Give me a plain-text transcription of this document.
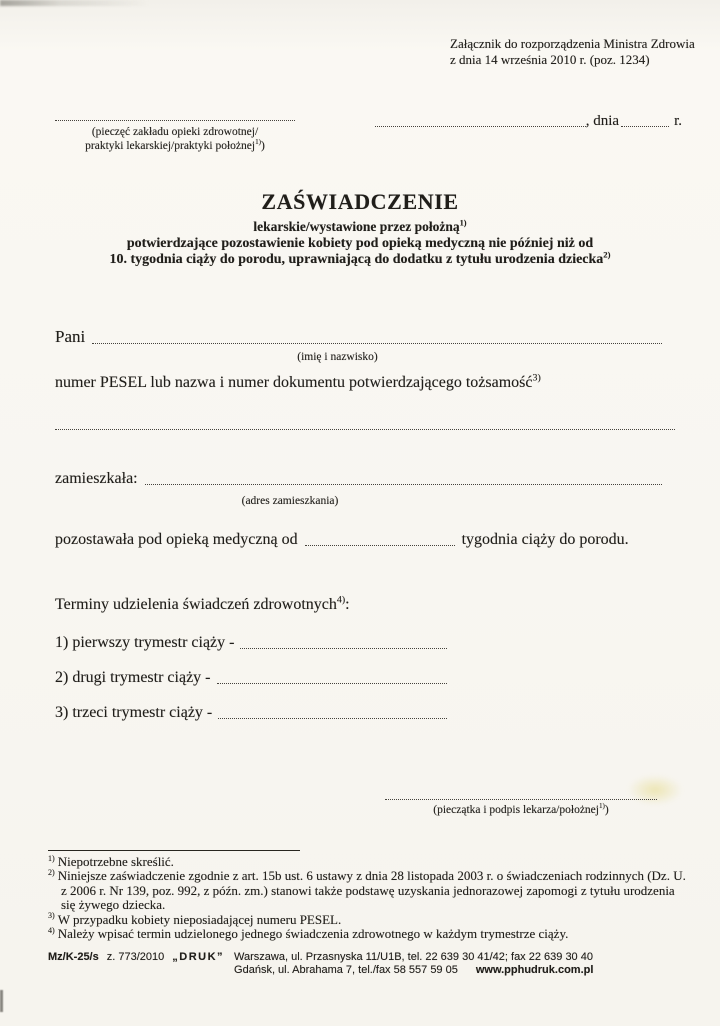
Załącznik do rozporządzenia Ministra Zdrowia
z dnia 14 września 2010 r. (poz. 1234)
(pieczęć zakładu opieki zdrowotnej/
praktyki lekarskiej/praktyki położnej$^{1)}$)
, dnia	r.
ZAŚWIADCZENIE
lekarskie/wystawione przez położną$^{1)}$
potwierdzające pozostawienie kobiety pod opieką medyczną nie później niż od
10. tygodnia ciąży do porodu, uprawniającą do dodatku z tytułu urodzenia dziecka$^{2)}$
Pani
(imię i nazwisko)
numer PESEL lub nazwa i numer dokumentu potwierdzającego tożsamość$^{3)}$
zamieszkała:
(adres zamieszkania)
pozostawała pod opieką medyczną od	tygodnia ciąży do porodu.
Terminy udzielenia świadczeń zdrowotnych$^{4)}$:
1) pierwszy trymestr ciąży -
2) drugi trymestr ciąży -
3) trzeci trymestr ciąży -
(pieczątka i podpis lekarza/położnej$^{1)}$)
$^{1)}$ Niepotrzebne skreślić.
$^{2)}$ Niniejsze zaświadczenie zgodnie z art. 15b ust. 6 ustawy z dnia 28 listopada 2003 r. o świadczeniach rodzinnych (Dz. U. z 2006 r. Nr 139, poz. 992, z późn. zm.) stanowi także podstawę uzyskania jednorazowej zapomogi z tytułu urodzenia się żywego dziecka.
$^{3)}$ W przypadku kobiety nieposiadającej numeru PESEL.
$^{4)}$ Należy wpisać termin udzielonego jednego świadczenia zdrowotnego w każdym trymestrze ciąży.
Mz/K-25/s z. 773/2010 „DRUK” Warszawa, ul. Przasnyska 11/U1B, tel. 22 639 30 41/42; fax 22 639 30 40
Gdańsk, ul. Abrahama 7, tel./fax 58 557 59 05 www.pphudruk.com.pl
